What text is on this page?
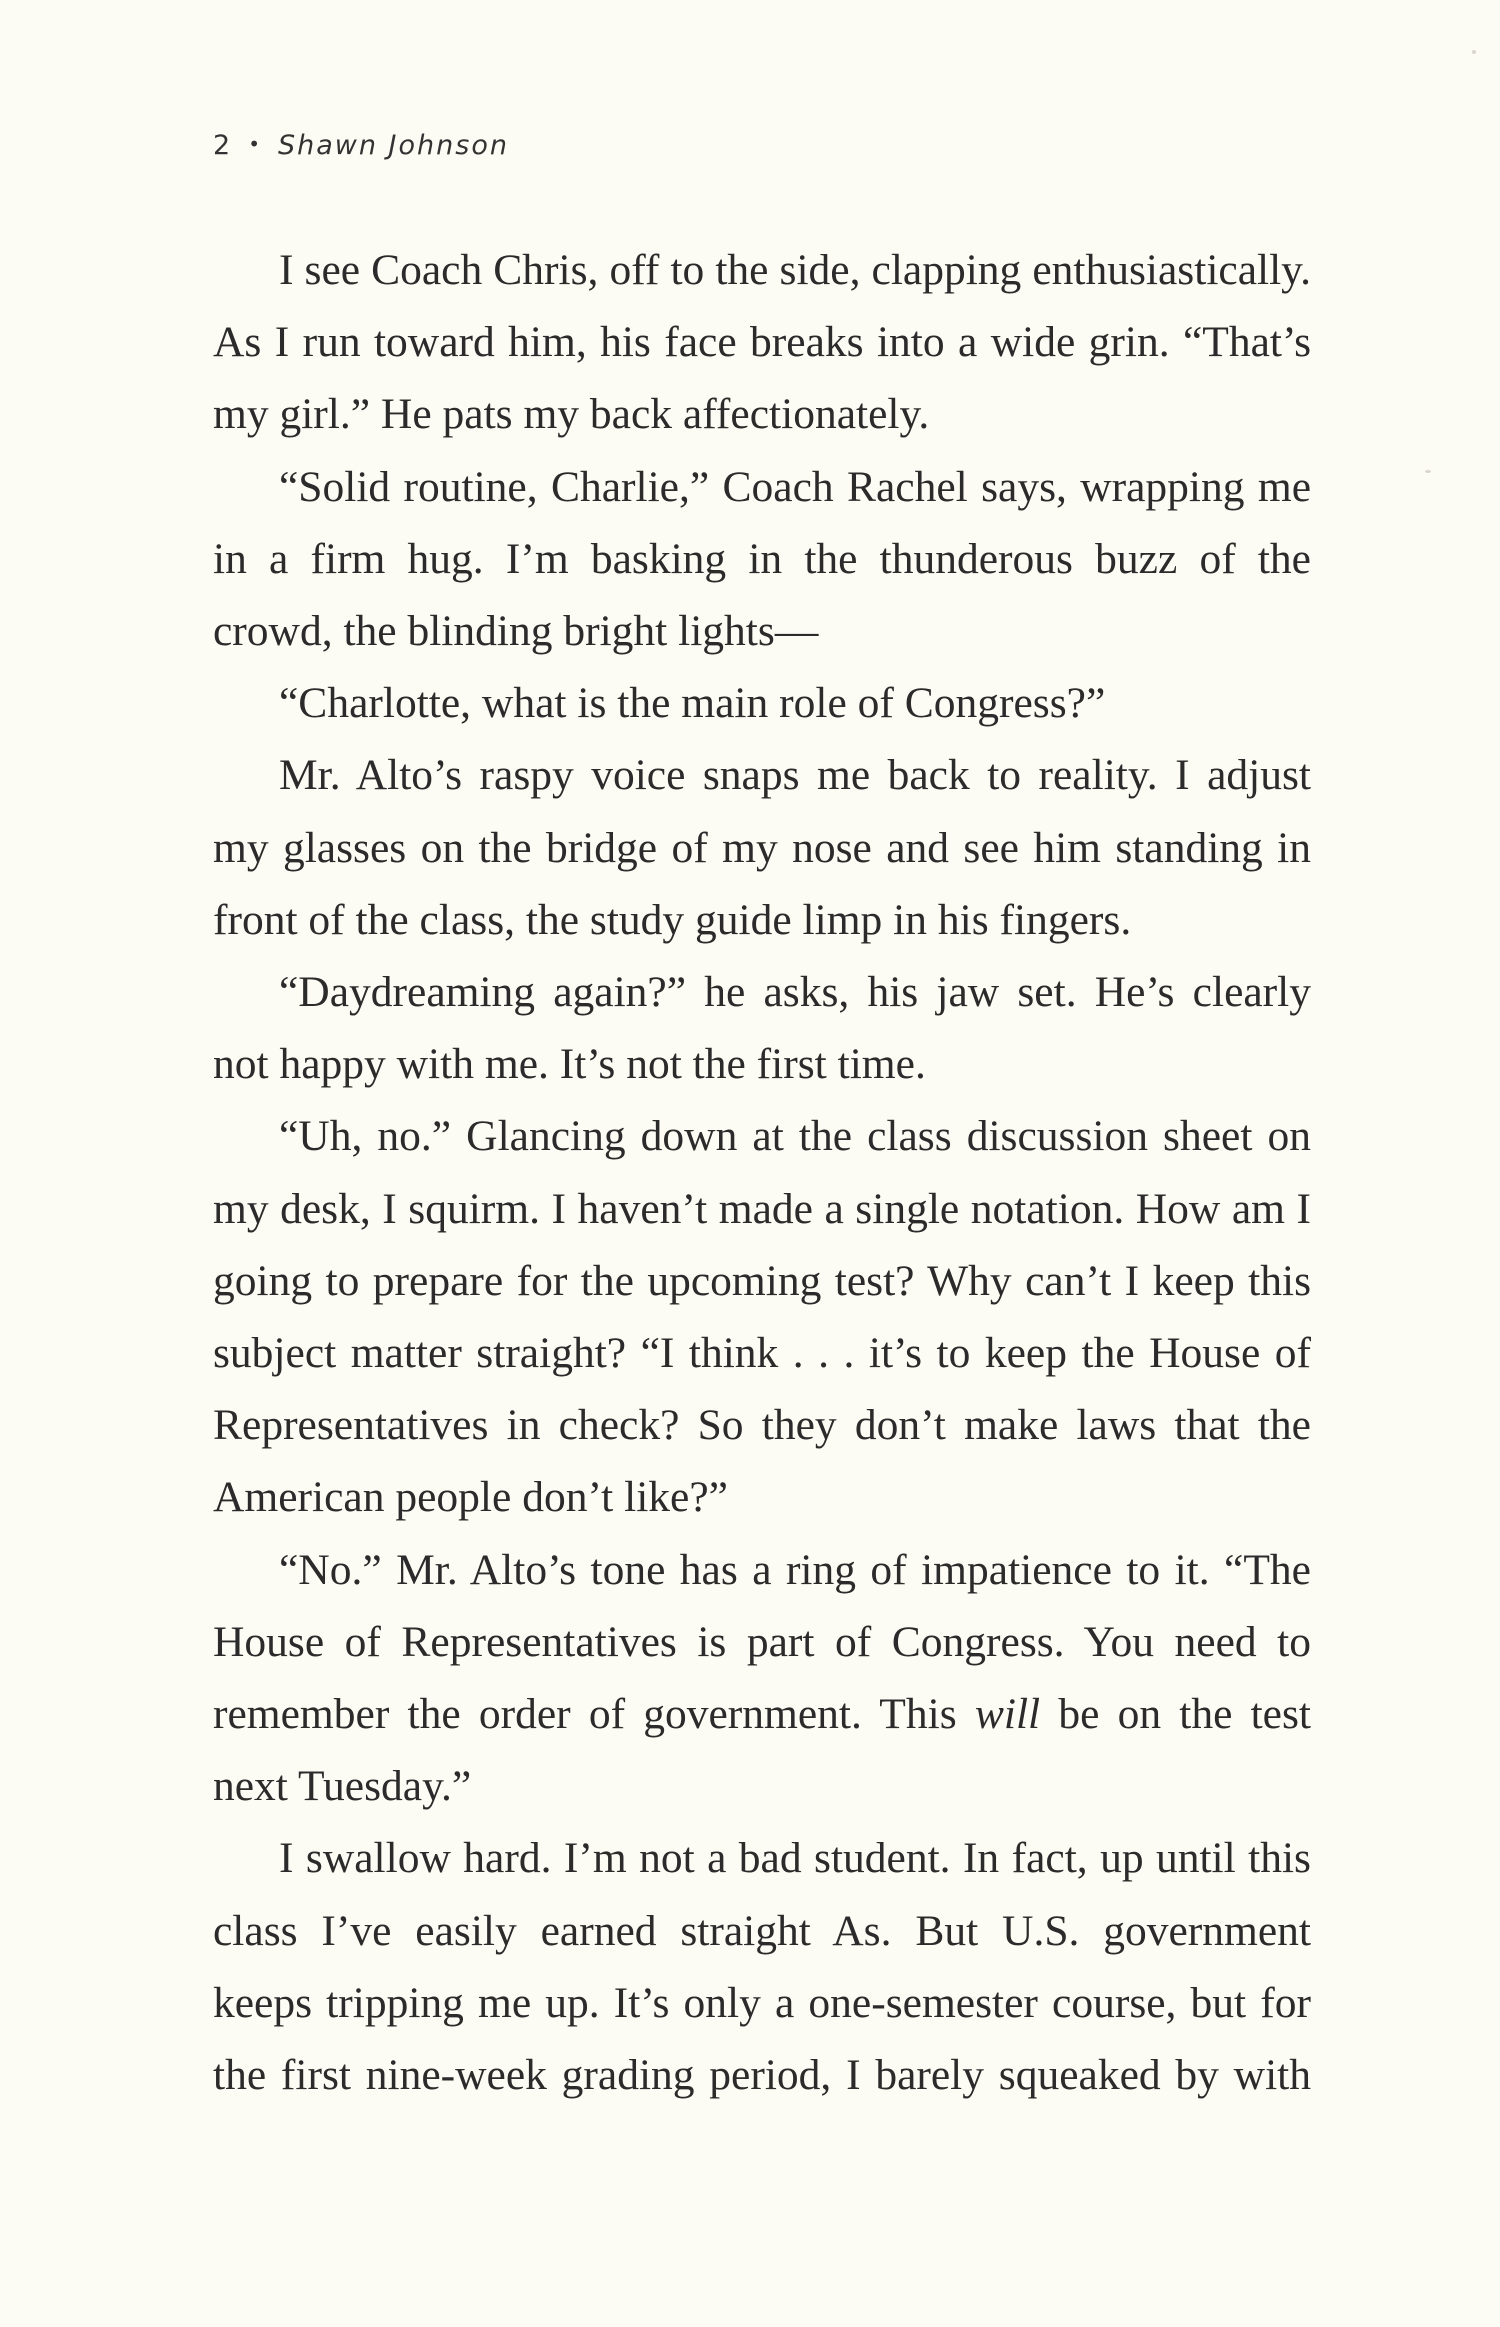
2 • Shawn Johnson

I see Coach Chris, off to the side, clapping enthusiastically. As I run toward him, his face breaks into a wide grin. “That’s my girl.” He pats my back affectionately.

“Solid routine, Charlie,” Coach Rachel says, wrapping me in a firm hug. I’m basking in the thunderous buzz of the crowd, the blinding bright lights—

“Charlotte, what is the main role of Congress?”

Mr. Alto’s raspy voice snaps me back to reality. I adjust my glasses on the bridge of my nose and see him standing in front of the class, the study guide limp in his fingers.

“Daydreaming again?” he asks, his jaw set. He’s clearly not happy with me. It’s not the first time.

“Uh, no.” Glancing down at the class discussion sheet on my desk, I squirm. I haven’t made a single notation. How am I going to prepare for the upcoming test? Why can’t I keep this subject matter straight? “I think . . . it’s to keep the House of Representatives in check? So they don’t make laws that the American people don’t like?”

“No.” Mr. Alto’s tone has a ring of impatience to it. “The House of Representatives is part of Congress. You need to remember the order of government. This will be on the test next Tuesday.”

I swallow hard. I’m not a bad student. In fact, up until this class I’ve easily earned straight As. But U.S. government keeps tripping me up. It’s only a one-semester course, but for the first nine-week grading period, I barely squeaked by with
